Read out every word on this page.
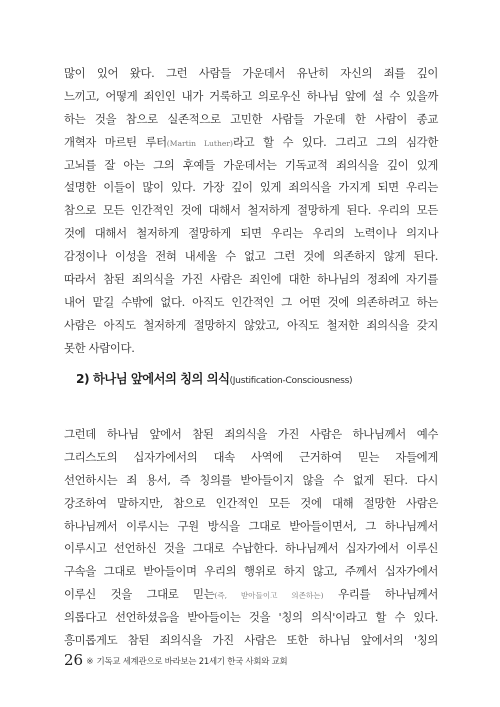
많이 있어 왔다. 그런 사람들 가운데서 유난히 자신의 죄를 깊이
느끼고, 어떻게 죄인인 내가 거룩하고 의로우신 하나님 앞에 설 수 있을까
하는 것을 참으로 실존적으로 고민한 사람들 가운데 한 사람이 종교
개혁자 마르틴 루터(Martin Luther)라고 할 수 있다. 그리고 그의 심각한
고뇌를 잘 아는 그의 후예들 가운데서는 기독교적 죄의식을 깊이 있게
설명한 이들이 많이 있다. 가장 깊이 있게 죄의식을 가지게 되면 우리는
참으로 모든 인간적인 것에 대해서 철저하게 절망하게 된다. 우리의 모든
것에 대해서 철저하게 절망하게 되면 우리는 우리의 노력이나 의지나
감정이나 이성을 전혀 내세울 수 없고 그런 것에 의존하지 않게 된다.
따라서 참된 죄의식을 가진 사람은 죄인에 대한 하나님의 정죄에 자기를
내어 맡길 수밖에 없다. 아직도 인간적인 그 어떤 것에 의존하려고 하는
사람은 아직도 철저하게 절망하지 않았고, 아직도 철저한 죄의식을 갖지
못한 사람이다.
2) 하나님 앞에서의 칭의 의식(Justification-Consciousness)
그런데 하나님 앞에서 참된 죄의식을 가진 사람은 하나님께서 예수
그리스도의 십자가에서의 대속 사역에 근거하여 믿는 자들에게
선언하시는 죄 용서, 즉 칭의를 받아들이지 않을 수 없게 된다. 다시
강조하여 말하지만, 참으로 인간적인 모든 것에 대해 절망한 사람은
하나님께서 이루시는 구원 방식을 그대로 받아들이면서, 그 하나님께서
이루시고 선언하신 것을 그대로 수납한다. 하나님께서 십자가에서 이루신
구속을 그대로 받아들이며 우리의 행위로 하지 않고, 주께서 십자가에서
이루신 것을 그대로 믿는(즉, 받아들이고 의존하는) 우리를 하나님께서
의롭다고 선언하셨음을 받아들이는 것을 '칭의 의식'이라고 할 수 있다.
흥미롭게도 참된 죄의식을 가진 사람은 또한 하나님 앞에서의 '칭의
26 ※ 기독교 세계관으로 바라보는 21세기 한국 사회와 교회
